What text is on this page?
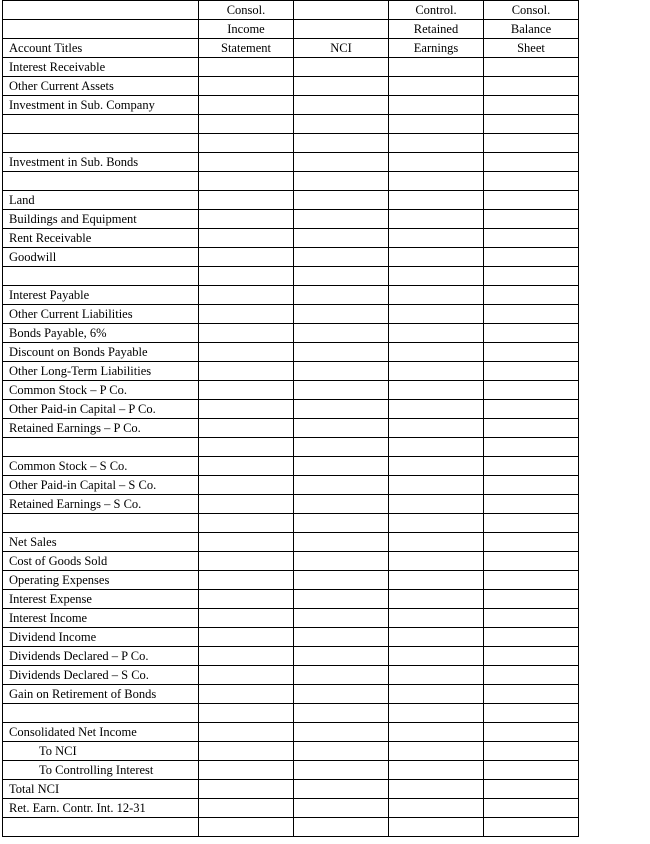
	Consol.		Control.	Consol.
	Income		Retained	Balance
Account Titles	Statement	NCI	Earnings	Sheet
Interest Receivable				
Other Current Assets				
Investment in Sub. Company				

Investment in Sub. Bonds				

Land				
Buildings and Equipment				
Rent Receivable				
Goodwill				

Interest Payable				
Other Current Liabilities				
Bonds Payable, 6%				
Discount on Bonds Payable				
Other Long-Term Liabilities				
Common Stock – P Co.				
Other Paid-in Capital – P Co.				
Retained Earnings – P Co.				

Common Stock – S Co.				
Other Paid-in Capital – S Co.				
Retained Earnings – S Co.				

Net Sales				
Cost of Goods Sold				
Operating Expenses				
Interest Expense				
Interest Income				
Dividend Income				
Dividends Declared – P Co.				
Dividends Declared – S Co.				
Gain on Retirement of Bonds				

Consolidated Net Income				
To NCI				
To Controlling Interest				
Total NCI				
Ret. Earn. Contr. Int. 12-31				
